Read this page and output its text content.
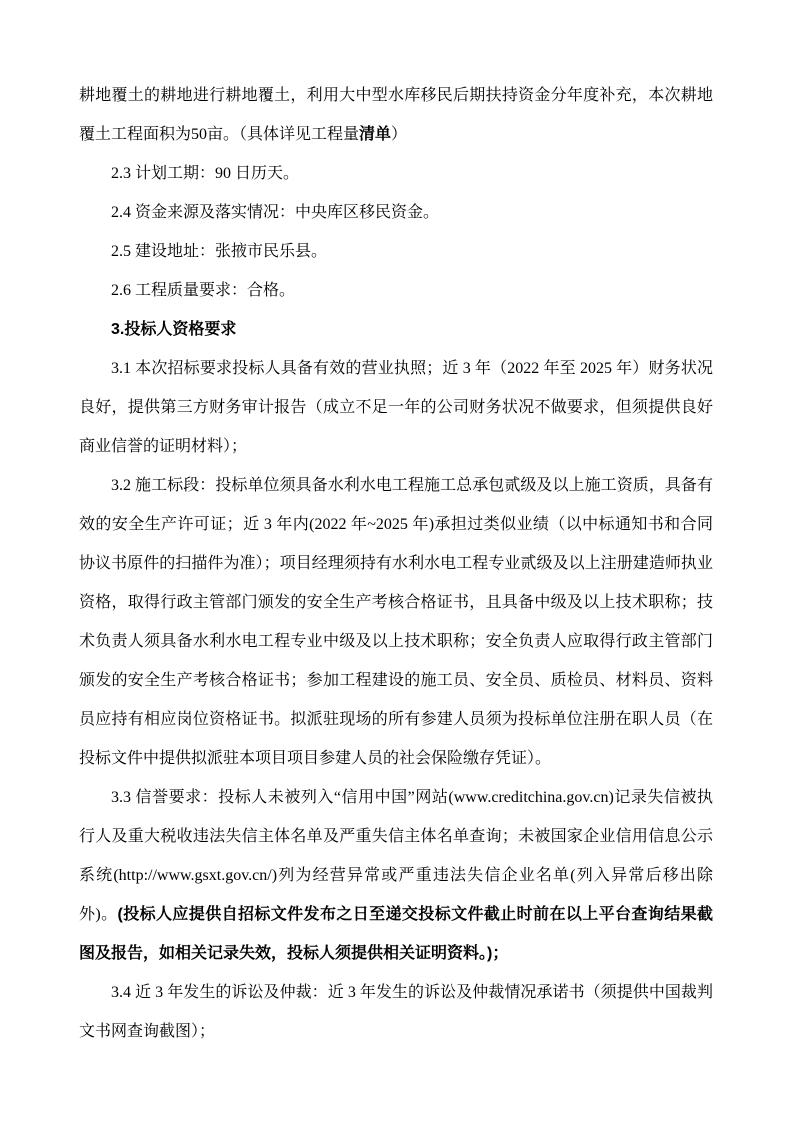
耕地覆土的耕地进行耕地覆土，利用大中型水库移民后期扶持资金分年度补充，本次耕地覆土工程面积为50亩。（具体详见工程量清单）

2.3 计划工期：90 日历天。

2.4 资金来源及落实情况：中央库区移民资金。

2.5 建设地址：张掖市民乐县。

2.6 工程质量要求：合格。

3.投标人资格要求

3.1 本次招标要求投标人具备有效的营业执照；近 3 年（2022 年至 2025 年）财务状况良好，提供第三方财务审计报告（成立不足一年的公司财务状况不做要求，但须提供良好商业信誉的证明材料）；

3.2 施工标段：投标单位须具备水利水电工程施工总承包贰级及以上施工资质，具备有效的安全生产许可证；近 3 年内(2022 年~2025 年)承担过类似业绩（以中标通知书和合同协议书原件的扫描件为准）；项目经理须持有水利水电工程专业贰级及以上注册建造师执业资格，取得行政主管部门颁发的安全生产考核合格证书，且具备中级及以上技术职称；技术负责人须具备水利水电工程专业中级及以上技术职称；安全负责人应取得行政主管部门颁发的安全生产考核合格证书；参加工程建设的施工员、安全员、质检员、材料员、资料员应持有相应岗位资格证书。拟派驻现场的所有参建人员须为投标单位注册在职人员（在投标文件中提供拟派驻本项目项目参建人员的社会保险缴存凭证）。

3.3 信誉要求：投标人未被列入“信用中国”网站(www.creditchina.gov.cn)记录失信被执行人及重大税收违法失信主体名单及严重失信主体名单查询；未被国家企业信用信息公示系统(http://www.gsxt.gov.cn/)列为经营异常或严重违法失信企业名单(列入异常后移出除外)。(投标人应提供自招标文件发布之日至递交投标文件截止时前在以上平台查询结果截图及报告，如相关记录失效，投标人须提供相关证明资料。)；

3.4 近 3 年发生的诉讼及仲裁：近 3 年发生的诉讼及仲裁情况承诺书（须提供中国裁判文书网查询截图）；
